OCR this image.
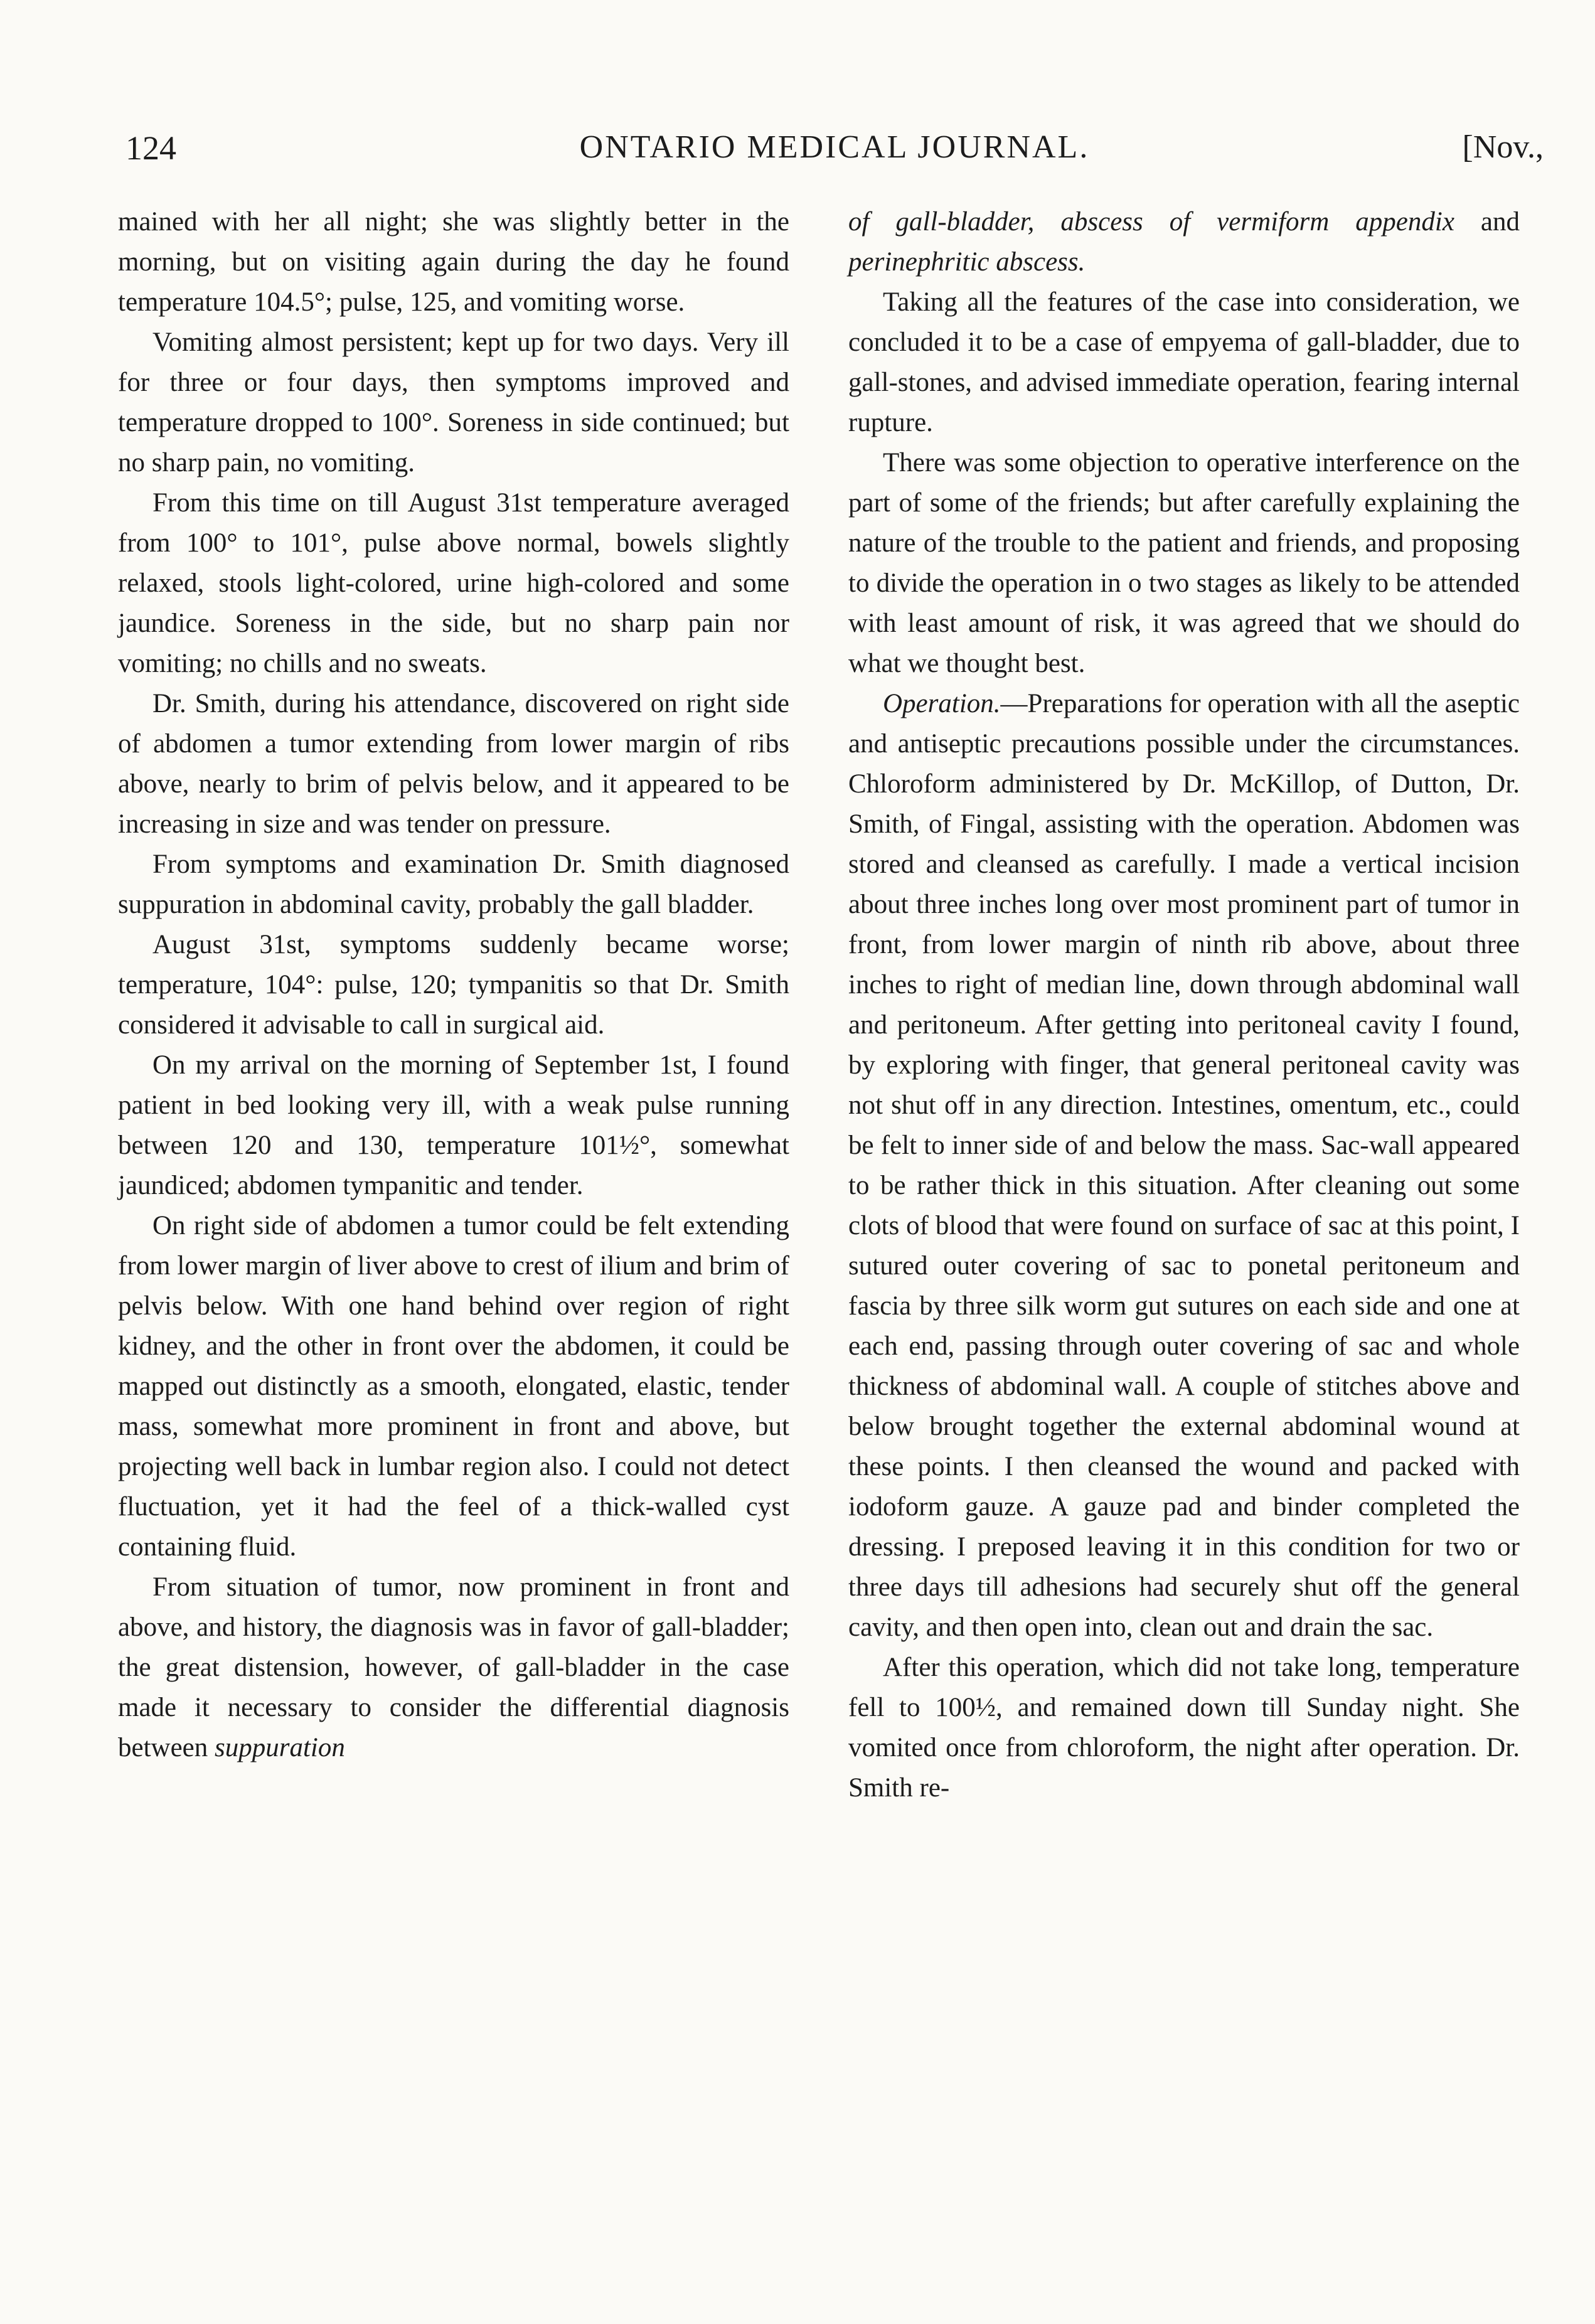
124	ONTARIO MEDICAL JOURNAL.	[Nov.,

mained with her all night; she was slightly better in the morning, but on visiting again during the day he found temperature 104.5°; pulse, 125, and vomiting worse.

Vomiting almost persistent; kept up for two days. Very ill for three or four days, then symptoms improved and temperature dropped to 100°. Soreness in side continued; but no sharp pain, no vomiting.

From this time on till August 31st temperature averaged from 100° to 101°, pulse above normal, bowels slightly relaxed, stools light-colored, urine high-colored and some jaundice. Soreness in the side, but no sharp pain nor vomiting; no chills and no sweats.

Dr. Smith, during his attendance, discovered on right side of abdomen a tumor extending from lower margin of ribs above, nearly to brim of pelvis below, and it appeared to be increasing in size and was tender on pressure.

From symptoms and examination Dr. Smith diagnosed suppuration in abdominal cavity, probably the gall bladder.

August 31st, symptoms suddenly became worse; temperature, 104°: pulse, 120; tympanitis so that Dr. Smith considered it advisable to call in surgical aid.

On my arrival on the morning of September 1st, I found patient in bed looking very ill, with a weak pulse running between 120 and 130, temperature 101½°, somewhat jaundiced; abdomen tympanitic and tender.

On right side of abdomen a tumor could be felt extending from lower margin of liver above to crest of ilium and brim of pelvis below. With one hand behind over region of right kidney, and the other in front over the abdomen, it could be mapped out distinctly as a smooth, elongated, elastic, tender mass, somewhat more prominent in front and above, but projecting well back in lumbar region also. I could not detect fluctuation, yet it had the feel of a thick-walled cyst containing fluid.

From situation of tumor, now prominent in front and above, and history, the diagnosis was in favor of gall-bladder; the great distension, however, of gall-bladder in the case made it necessary to consider the differential diagnosis between suppuration

of gall-bladder, abscess of vermiform appendix and perinephritic abscess.

Taking all the features of the case into consideration, we concluded it to be a case of empyema of gall-bladder, due to gall-stones, and advised immediate operation, fearing internal rupture.

There was some objection to operative interference on the part of some of the friends; but after carefully explaining the nature of the trouble to the patient and friends, and proposing to divide the operation in o two stages as likely to be attended with least amount of risk, it was agreed that we should do what we thought best.

Operation.—Preparations for operation with all the aseptic and antiseptic precautions possible under the circumstances. Chloroform administered by Dr. McKillop, of Dutton, Dr. Smith, of Fingal, assisting with the operation. Abdomen was stored and cleansed as carefully. I made a vertical incision about three inches long over most prominent part of tumor in front, from lower margin of ninth rib above, about three inches to right of median line, down through abdominal wall and peritoneum. After getting into peritoneal cavity I found, by exploring with finger, that general peritoneal cavity was not shut off in any direction. Intestines, omentum, etc., could be felt to inner side of and below the mass. Sac-wall appeared to be rather thick in this situation. After cleaning out some clots of blood that were found on surface of sac at this point, I sutured outer covering of sac to ponetal peritoneum and fascia by three silk worm gut sutures on each side and one at each end, passing through outer covering of sac and whole thickness of abdominal wall. A couple of stitches above and below brought together the external abdominal wound at these points. I then cleansed the wound and packed with iodoform gauze. A gauze pad and binder completed the dressing. I preposed leaving it in this condition for two or three days till adhesions had securely shut off the general cavity, and then open into, clean out and drain the sac.

After this operation, which did not take long, temperature fell to 100½, and remained down till Sunday night. She vomited once from chloroform, the night after operation. Dr. Smith re-
